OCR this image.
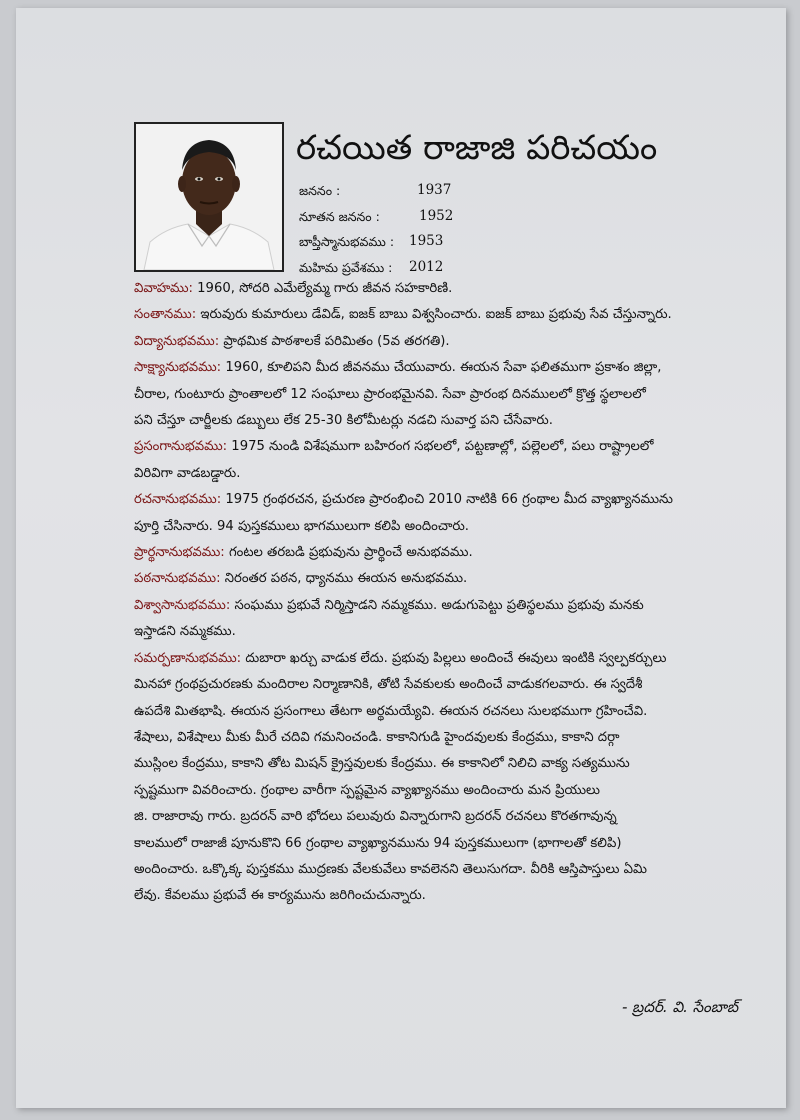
రచయిత రాజాజి పరిచయం
జననం :	1937
నూతన జననం :	1952
బాప్తీస్మానుభవము : 1953
మహిమ ప్రవేశము : 2012

వివాహము: 1960, సోదరి ఎమేల్యేమ్మ గారు జీవన సహకారిణి.

సంతానము: ఇరువురు కుమారులు డేవిడ్, ఐజక్ బాబు విశ్వసించారు. ఐజక్ బాబు ప్రభువు సేవ చేస్తున్నారు.

విద్యానుభవము: ప్రాథమిక పాఠశాలకే పరిమితం (5వ తరగతి).

సాక్ష్యానుభవము: 1960, కూలిపని మీద జీవనము చేయువారు. ఈయన సేవా ఫలితముగా ప్రకాశం జిల్లా,
చీరాల, గుంటూరు ప్రాంతాలలో 12 సంఘాలు ప్రారంభమైనవి. సేవా ప్రారంభ దినములలో క్రొత్త స్థలాలలో
పని చేస్తూ చార్జీలకు డబ్బులు లేక 25-30 కిలోమీటర్లు నడచి సువార్త పని చేసేవారు.

ప్రసంగానుభవము: 1975 నుండి విశేషముగా బహిరంగ సభలలో, పట్టణాల్లో, పల్లెలలో, పలు రాష్ట్రాలలో
విరివిగా వాడబడ్డారు.

రచనానుభవము: 1975 గ్రంథరచన, ప్రచురణ ప్రారంభించి 2010 నాటికి 66 గ్రంథాల మీద వ్యాఖ్యానమును
పూర్తి చేసినారు. 94 పుస్తకములు భాగములుగా కలిపి అందించారు.

ప్రార్థనానుభవము: గంటల తరబడి ప్రభువును ప్రార్థించే అనుభవము.

పఠనానుభవము: నిరంతర పఠన, ధ్యానము ఈయన అనుభవము.

విశ్వాసానుభవము: సంఘము ప్రభువే నిర్మిస్తాడని నమ్మకము. అడుగుపెట్టు ప్రతిస్థలము ప్రభువు మనకు
ఇస్తాడని నమ్మకము.

సమర్పణానుభవము: దుబారా ఖర్చు వాడుక లేదు. ప్రభువు పిల్లలు అందించే ఈవులు ఇంటికి స్వల్పకర్చులు
మినహా గ్రంథప్రచురణకు మందిరాల నిర్మాణానికి, తోటి సేవకులకు అందించే వాడుకగలవారు. ఈ స్వదేశీ
ఉపదేశి మితభాషి. ఈయన ప్రసంగాలు తేటగా అర్థమయ్యేవి. ఈయన రచనలు సులభముగా గ్రహించేవి.
శేషాలు, విశేషాలు మీకు మీరే చదివి గమనించండి. కాకానిగుడి హైందవులకు కేంద్రము, కాకాని దర్గా
ముస్లింల కేంద్రము, కాకాని తోట మిషన్ క్రైస్తవులకు కేంద్రము. ఈ కాకానిలో నిలిచి వాక్య సత్యమును
స్పష్టముగా వివరించారు. గ్రంథాల వారీగా స్పష్టమైన వ్యాఖ్యానము అందించారు మన ప్రియులు
జి. రాజారావు గారు. బ్రదరన్ వారి భోదలు పలువురు విన్నారుగాని బ్రదరన్ రచనలు కొరతగావున్న
కాలములో రాజాజీ పూనుకొని 66 గ్రంథాల వ్యాఖ్యానమును 94 పుస్తకములుగా (భాగాలతో కలిపి)
అందించారు. ఒక్కొక్క పుస్తకము ముద్రణకు వేలకువేలు కావలెనని తెలుసుగదా. వీరికి ఆస్తిపాస్తులు ఏమి
లేవు. కేవలము ప్రభువే ఈ కార్యమును జరిగించుచున్నారు.

- బ్రదర్. వి. సేంబాబ్
